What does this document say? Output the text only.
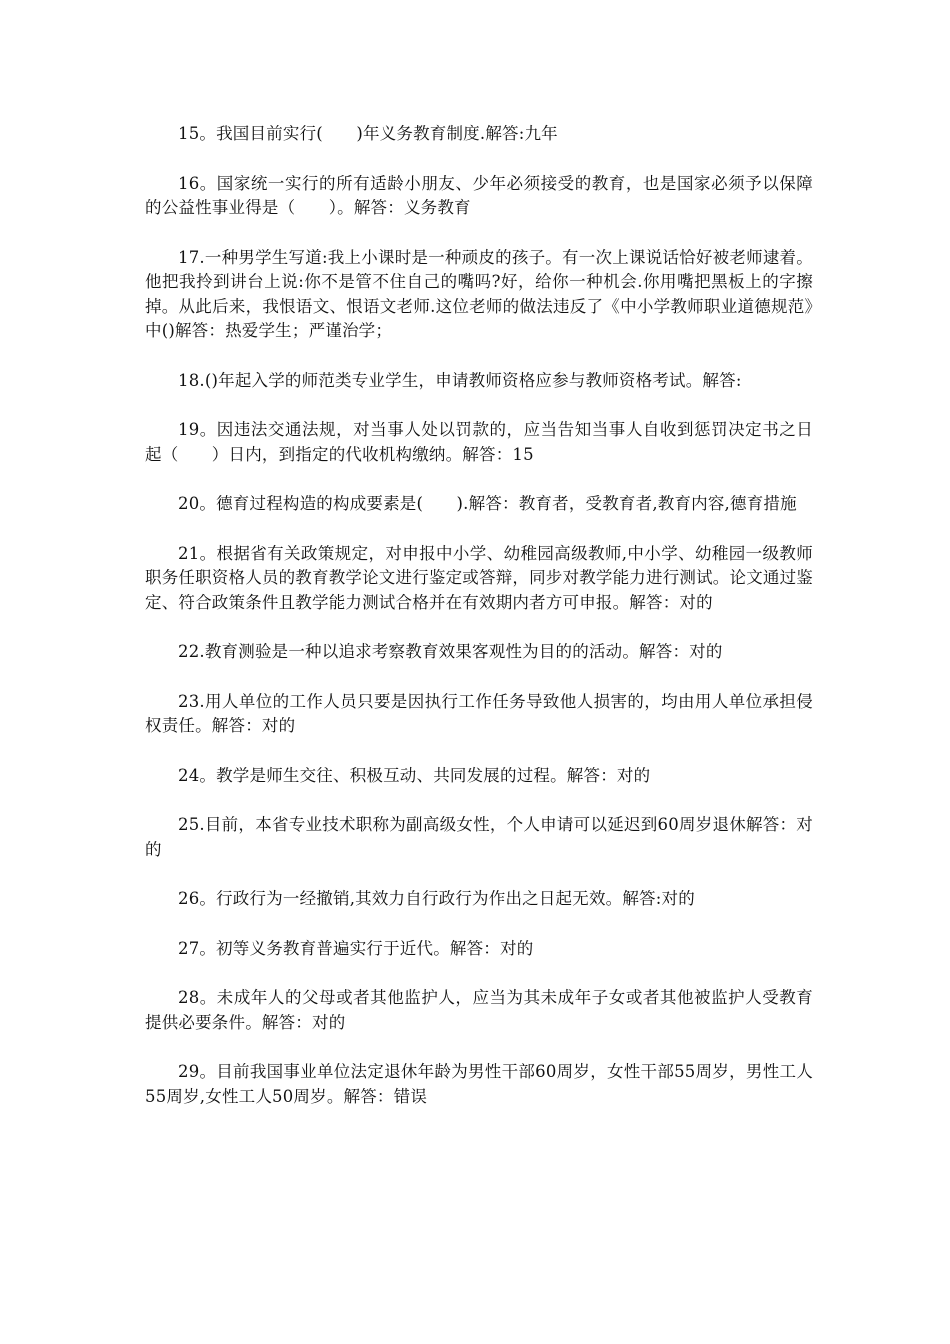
15。我国目前实行(　　)年义务教育制度.解答:九年

16。国家统一实行的所有适龄小朋友、少年必须接受的教育，也是国家必须予以保障的公益性事业得是（　　）。解答：义务教育

17.一种男学生写道:我上小课时是一种顽皮的孩子。有一次上课说话恰好被老师逮着。他把我拎到讲台上说:你不是管不住自己的嘴吗?好，给你一种机会.你用嘴把黑板上的字擦掉。从此后来，我恨语文、恨语文老师.这位老师的做法违反了《中小学教师职业道德规范》中()解答：热爱学生；严谨治学；

18.()年起入学的师范类专业学生，申请教师资格应参与教师资格考试。解答:

19。因违法交通法规，对当事人处以罚款的，应当告知当事人自收到惩罚决定书之日起（　　）日内，到指定的代收机构缴纳。解答：15

20。德育过程构造的构成要素是(　　).解答：教育者，受教育者,教育内容,德育措施

21。根据省有关政策规定，对申报中小学、幼稚园高级教师,中小学、幼稚园一级教师职务任职资格人员的教育教学论文进行鉴定或答辩，同步对教学能力进行测试。论文通过鉴定、符合政策条件且教学能力测试合格并在有效期内者方可申报。解答：对的

22.教育测验是一种以追求考察教育效果客观性为目的的活动。解答：对的

23.用人单位的工作人员只要是因执行工作任务导致他人损害的，均由用人单位承担侵权责任。解答：对的

24。教学是师生交往、积极互动、共同发展的过程。解答：对的

25.目前，本省专业技术职称为副高级女性，个人申请可以延迟到60周岁退休解答：对的

26。行政行为一经撤销,其效力自行政行为作出之日起无效。解答:对的

27。初等义务教育普遍实行于近代。解答：对的

28。未成年人的父母或者其他监护人，应当为其未成年子女或者其他被监护人受教育提供必要条件。解答：对的

29。目前我国事业单位法定退休年龄为男性干部60周岁，女性干部55周岁，男性工人55周岁,女性工人50周岁。解答：错误
